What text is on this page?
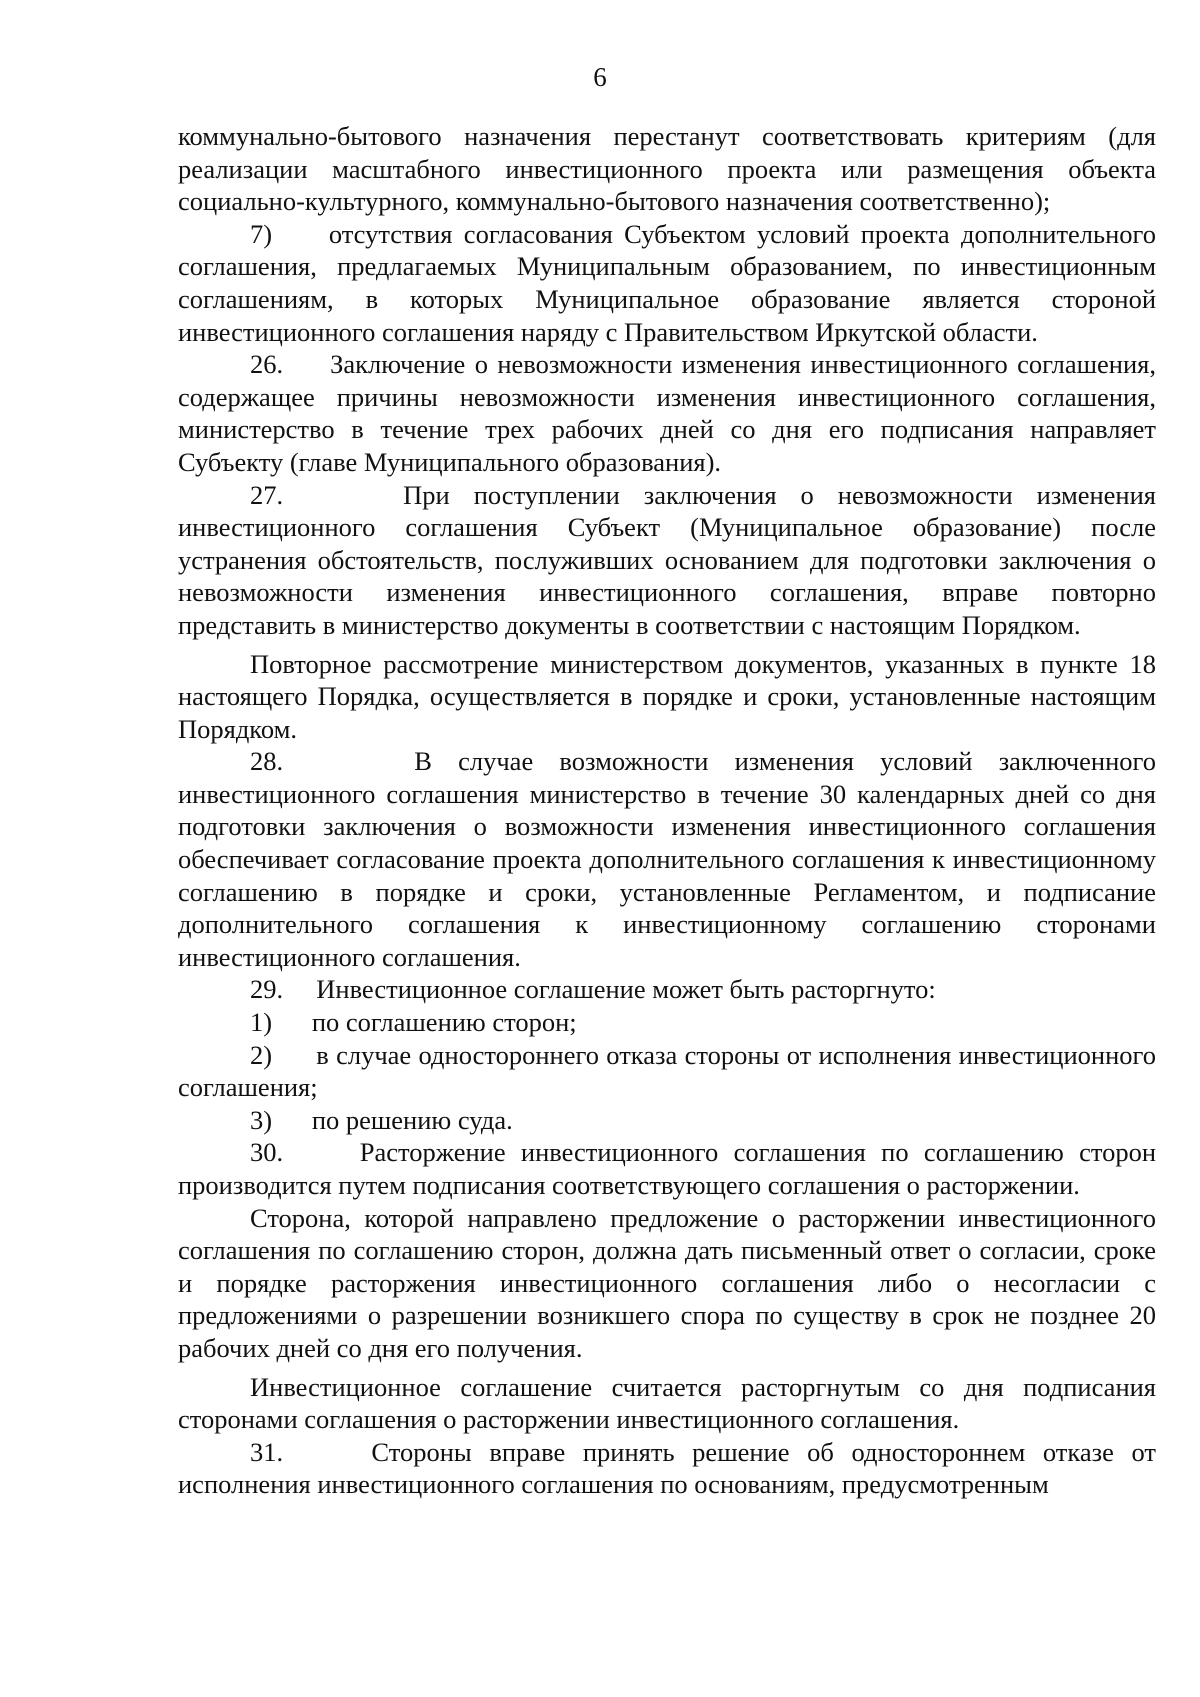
6

коммунально-бытового назначения перестанут соответствовать критериям (для реализации масштабного инвестиционного проекта или размещения объекта социально-культурного, коммунально-бытового назначения соответственно);

7)     отсутствия согласования Субъектом условий проекта дополнительного соглашения, предлагаемых Муниципальным образованием, по инвестиционным соглашениям, в которых Муниципальное образование является стороной инвестиционного соглашения наряду с Правительством Иркутской области.

26.     Заключение о невозможности изменения инвестиционного соглашения, содержащее причины невозможности изменения инвестиционного соглашения, министерство в течение трех рабочих дней со дня его подписания направляет Субъекту (главе Муниципального образования).

27.     При поступлении заключения о невозможности изменения инвестиционного соглашения Субъект (Муниципальное образование) после устранения обстоятельств, послуживших основанием для подготовки заключения о невозможности изменения инвестиционного соглашения, вправе повторно представить в министерство документы в соответствии с настоящим Порядком.

Повторное рассмотрение министерством документов, указанных в пункте 18 настоящего Порядка, осуществляется в порядке и сроки, установленные настоящим Порядком.

28.     В случае возможности изменения условий заключенного инвестиционного соглашения министерство в течение 30 календарных дней со дня подготовки заключения о возможности изменения инвестиционного соглашения обеспечивает согласование проекта дополнительного соглашения к инвестиционному соглашению в порядке и сроки, установленные Регламентом, и подписание дополнительного соглашения к инвестиционному соглашению сторонами инвестиционного соглашения.

29.     Инвестиционное соглашение может быть расторгнуто:

1)      по соглашению сторон;

2)      в случае одностороннего отказа стороны от исполнения инвестиционного соглашения;

3)      по решению суда.

30.     Расторжение инвестиционного соглашения по соглашению сторон производится путем подписания соответствующего соглашения о расторжении.

Сторона, которой направлено предложение о расторжении инвестиционного соглашения по соглашению сторон, должна дать письменный ответ о согласии, сроке и порядке расторжения инвестиционного соглашения либо о несогласии с предложениями о разрешении возникшего спора по существу в срок не позднее 20 рабочих дней со дня его получения.

Инвестиционное соглашение считается расторгнутым со дня подписания сторонами соглашения о расторжении инвестиционного соглашения.

31.     Стороны вправе принять решение об одностороннем отказе от исполнения инвестиционного соглашения по основаниям, предусмотренным
